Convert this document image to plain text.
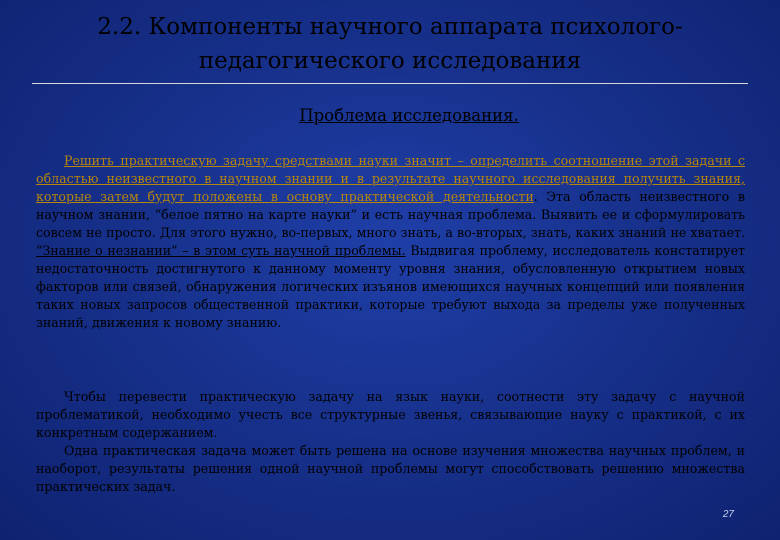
2.2. Компоненты научного аппарата психолого-педагогического исследования
Проблема исследования.
Решить практическую задачу средствами науки значит – определить соотношение этой задачи с областью неизвестного в научном знании и в результате научного исследования получить знания, которые затем будут положены в основу практической деятельности. Эта область неизвестного в научном знании, “белое пятно на карте науки” и есть научная проблема. Выявить ее и сформулировать совсем не просто. Для этого нужно, во-первых, много знать, а во-вторых, знать, каких знаний не хватает. “Знание о незнании” – в этом суть научной проблемы. Выдвигая проблему, исследователь констатирует недостаточность достигнутого к данному моменту уровня знания, обусловленную открытием новых факторов или связей, обнаружения логических изъянов имеющихся научных концепций или появления таких новых запросов общественной практики, которые требуют выхода за пределы уже полученных знаний, движения к новому знанию.
Чтобы перевести практическую задачу на язык науки, соотнести эту задачу с научной проблематикой, необходимо учесть все структурные звенья, связывающие науку с практикой, с их конкретным содержанием.
Одна практическая задача может быть решена на основе изучения множества научных проблем, и наоборот, результаты решения одной научной проблемы могут способствовать решению множества практических задач.
27
